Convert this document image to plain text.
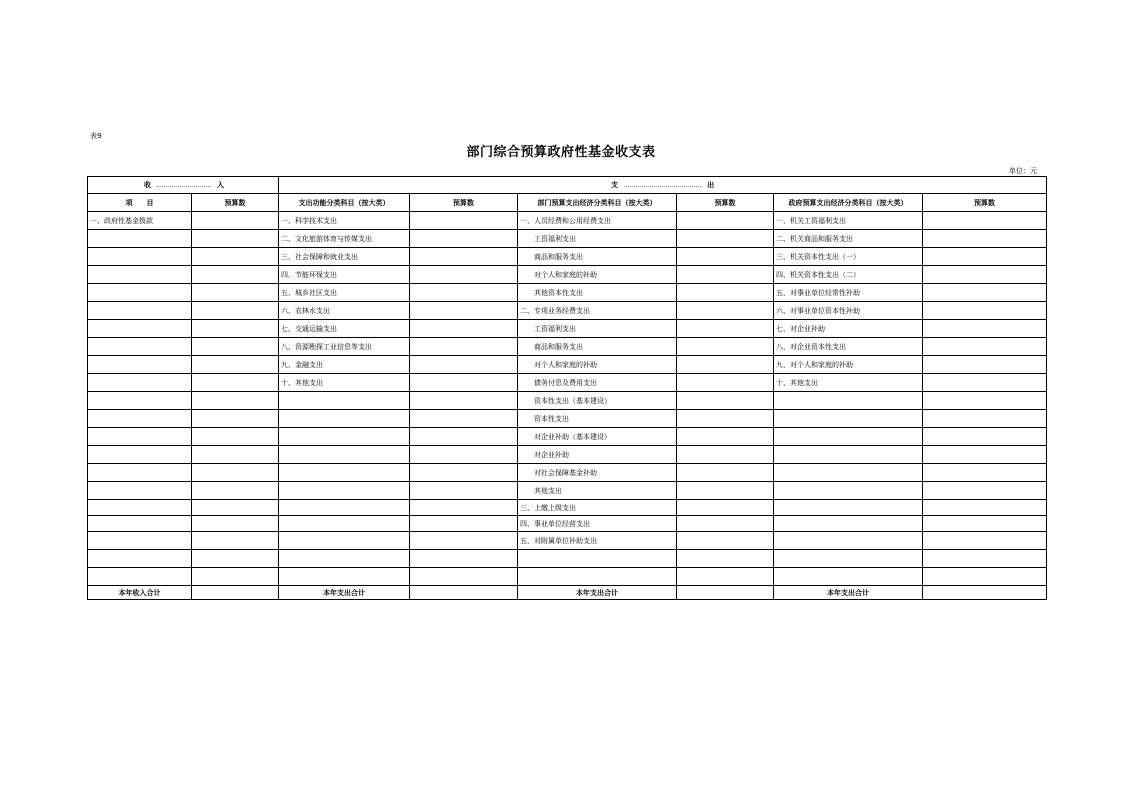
表9
部门综合预算政府性基金收支表
单位：元
收 入		支 出					

项　　目	预算数	支出功能分类科目（按大类）	预算数	部门预算支出经济分类科目（按大类）	预算数	政府预算支出经济分类科目（按大类）	预算数
一、政府性基金拨款		一、科学技术支出		一、人员经费和公用经费支出		一、机关工资福利支出	
		二、文化旅游体育与传媒支出		工资福利支出		二、机关商品和服务支出	
		三、社会保障和就业支出		商品和服务支出		三、机关资本性支出（一）	
		四、节能环保支出		对个人和家庭的补助		四、机关资本性支出（二）	
		五、城乡社区支出		其他资本性支出		五、对事业单位经常性补助	
		六、农林水支出		二、专项业务经费支出		六、对事业单位资本性补助	
		七、交通运输支出		工资福利支出		七、对企业补助	
		八、资源勘探工业信息等支出		商品和服务支出		八、对企业资本性支出	
		九、金融支出		对个人和家庭的补助		九、对个人和家庭的补助	
		十、其他支出		债务付息及费用支出		十、其他支出	
				资本性支出（基本建设）			
				资本性支出			
				对企业补助（基本建设）			
				对企业补助			
				对社会保障基金补助			
				其他支出			
				三、上缴上级支出			
				四、事业单位经营支出			
				五、对附属单位补助支出			

本年收入合计		本年支出合计		本年支出合计		本年支出合计	
